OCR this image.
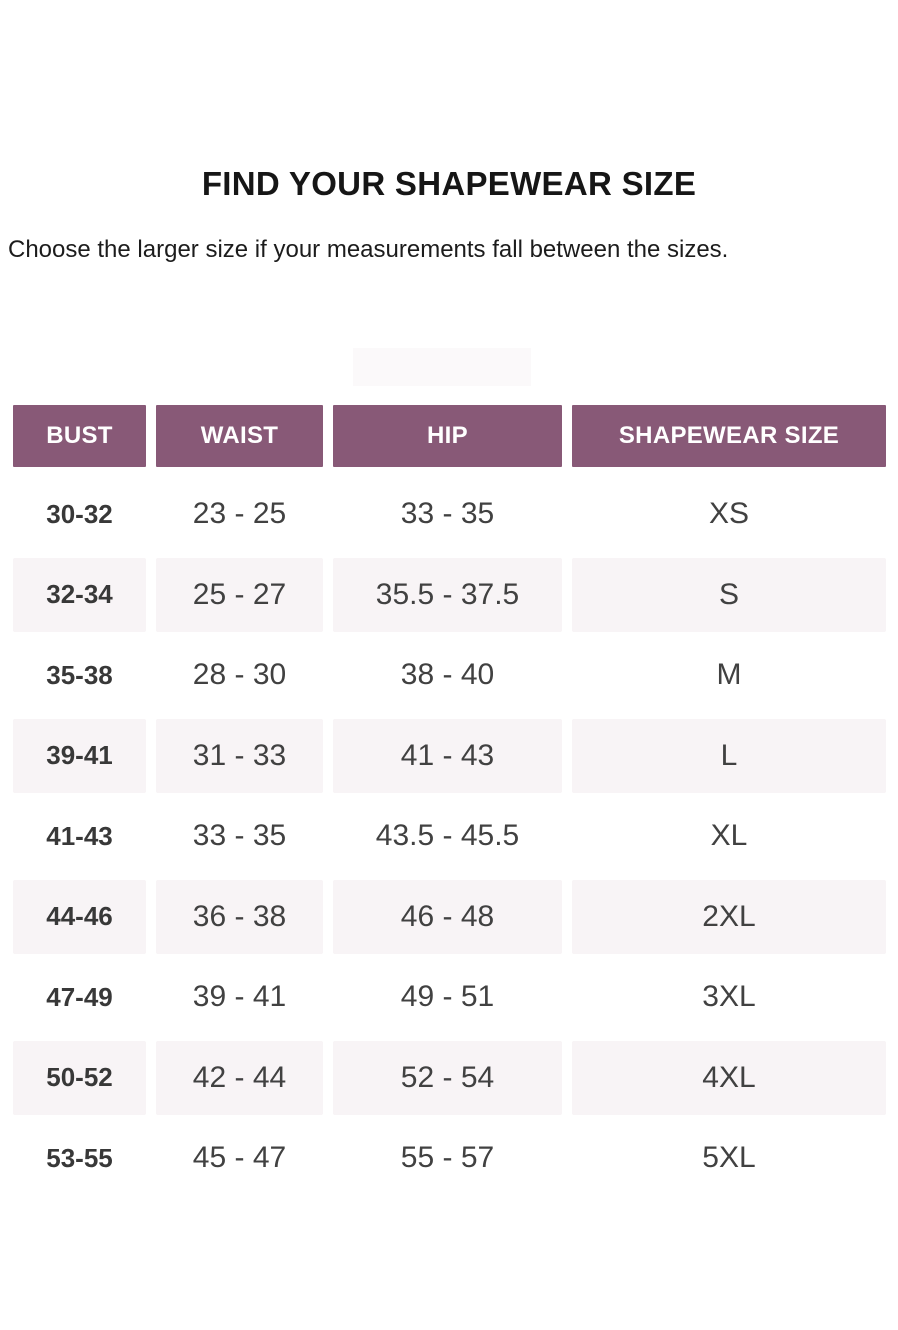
FIND YOUR SHAPEWEAR SIZE

Choose the larger size if your measurements fall between the sizes.

BUST	WAIST	HIP	SHAPEWEAR SIZE
30-32	23 - 25	33 - 35	XS
32-34	25 - 27	35.5 - 37.5	S
35-38	28 - 30	38 - 40	M
39-41	31 - 33	41 - 43	L
41-43	33 - 35	43.5 - 45.5	XL
44-46	36 - 38	46 - 48	2XL
47-49	39 - 41	49 - 51	3XL
50-52	42 - 44	52 - 54	4XL
53-55	45 - 47	55 - 57	5XL
